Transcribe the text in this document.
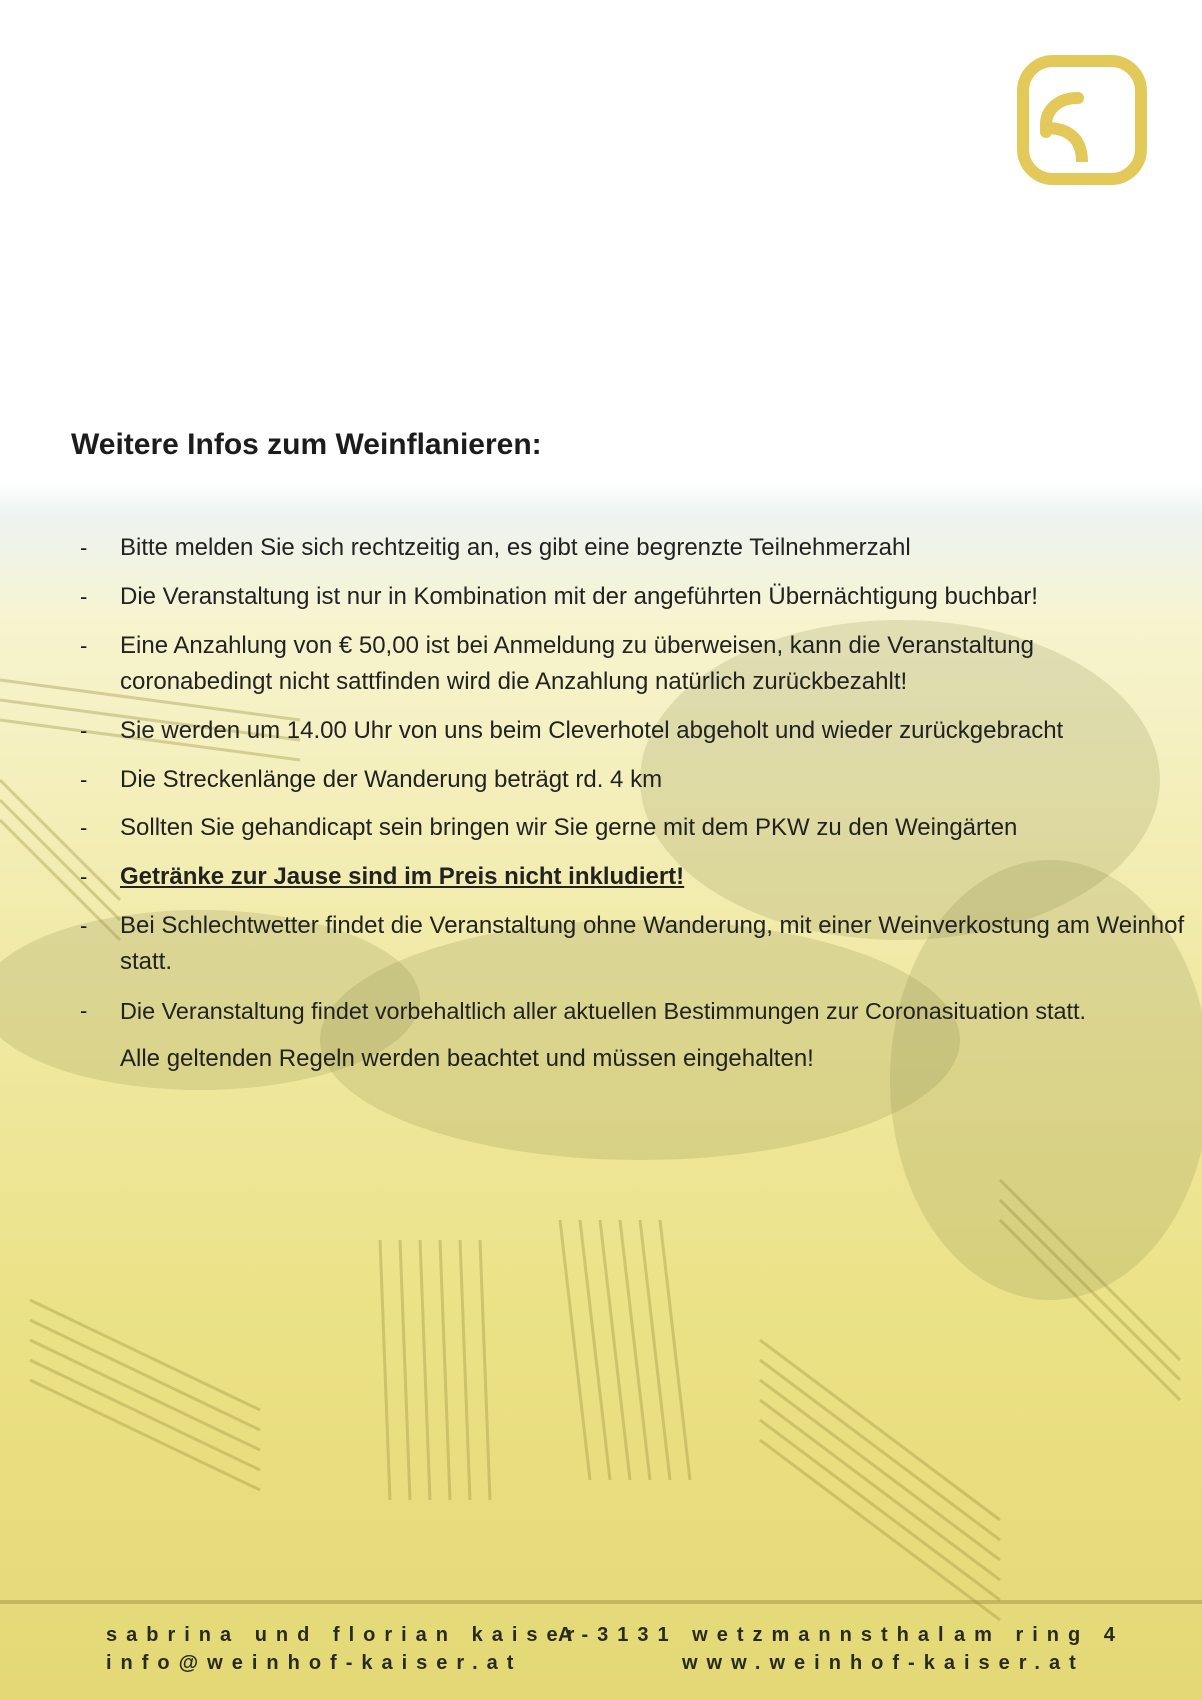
Weitere Infos zum Weinflanieren:
- Bitte melden Sie sich rechtzeitig an, es gibt eine begrenzte Teilnehmerzahl
- Die Veranstaltung ist nur in Kombination mit der angeführten Übernächtigung buchbar!
- Eine Anzahlung von € 50,00 ist bei Anmeldung zu überweisen, kann die Veranstaltung coronabedingt nicht sattfinden wird die Anzahlung natürlich zurückbezahlt!
- Sie werden um 14.00 Uhr von uns beim Cleverhotel abgeholt und wieder zurückgebracht
- Die Streckenlänge der Wanderung beträgt rd. 4 km
- Sollten Sie gehandicapt sein bringen wir Sie gerne mit dem PKW zu den Weingärten
- Getränke zur Jause sind im Preis nicht inkludiert!
- Bei Schlechtwetter findet die Veranstaltung ohne Wanderung, mit einer Weinverkostung am Weinhof statt.
- Die Veranstaltung findet vorbehaltlich aller aktuellen Bestimmungen zur Coronasituation statt.
Alle geltenden Regeln werden beachtet und müssen eingehalten!
sabrina und florian kaiser
A-3131 wetzmannsthal am ring 4
info@weinhof-kaiser.at	www.weinhof-kaiser.at
